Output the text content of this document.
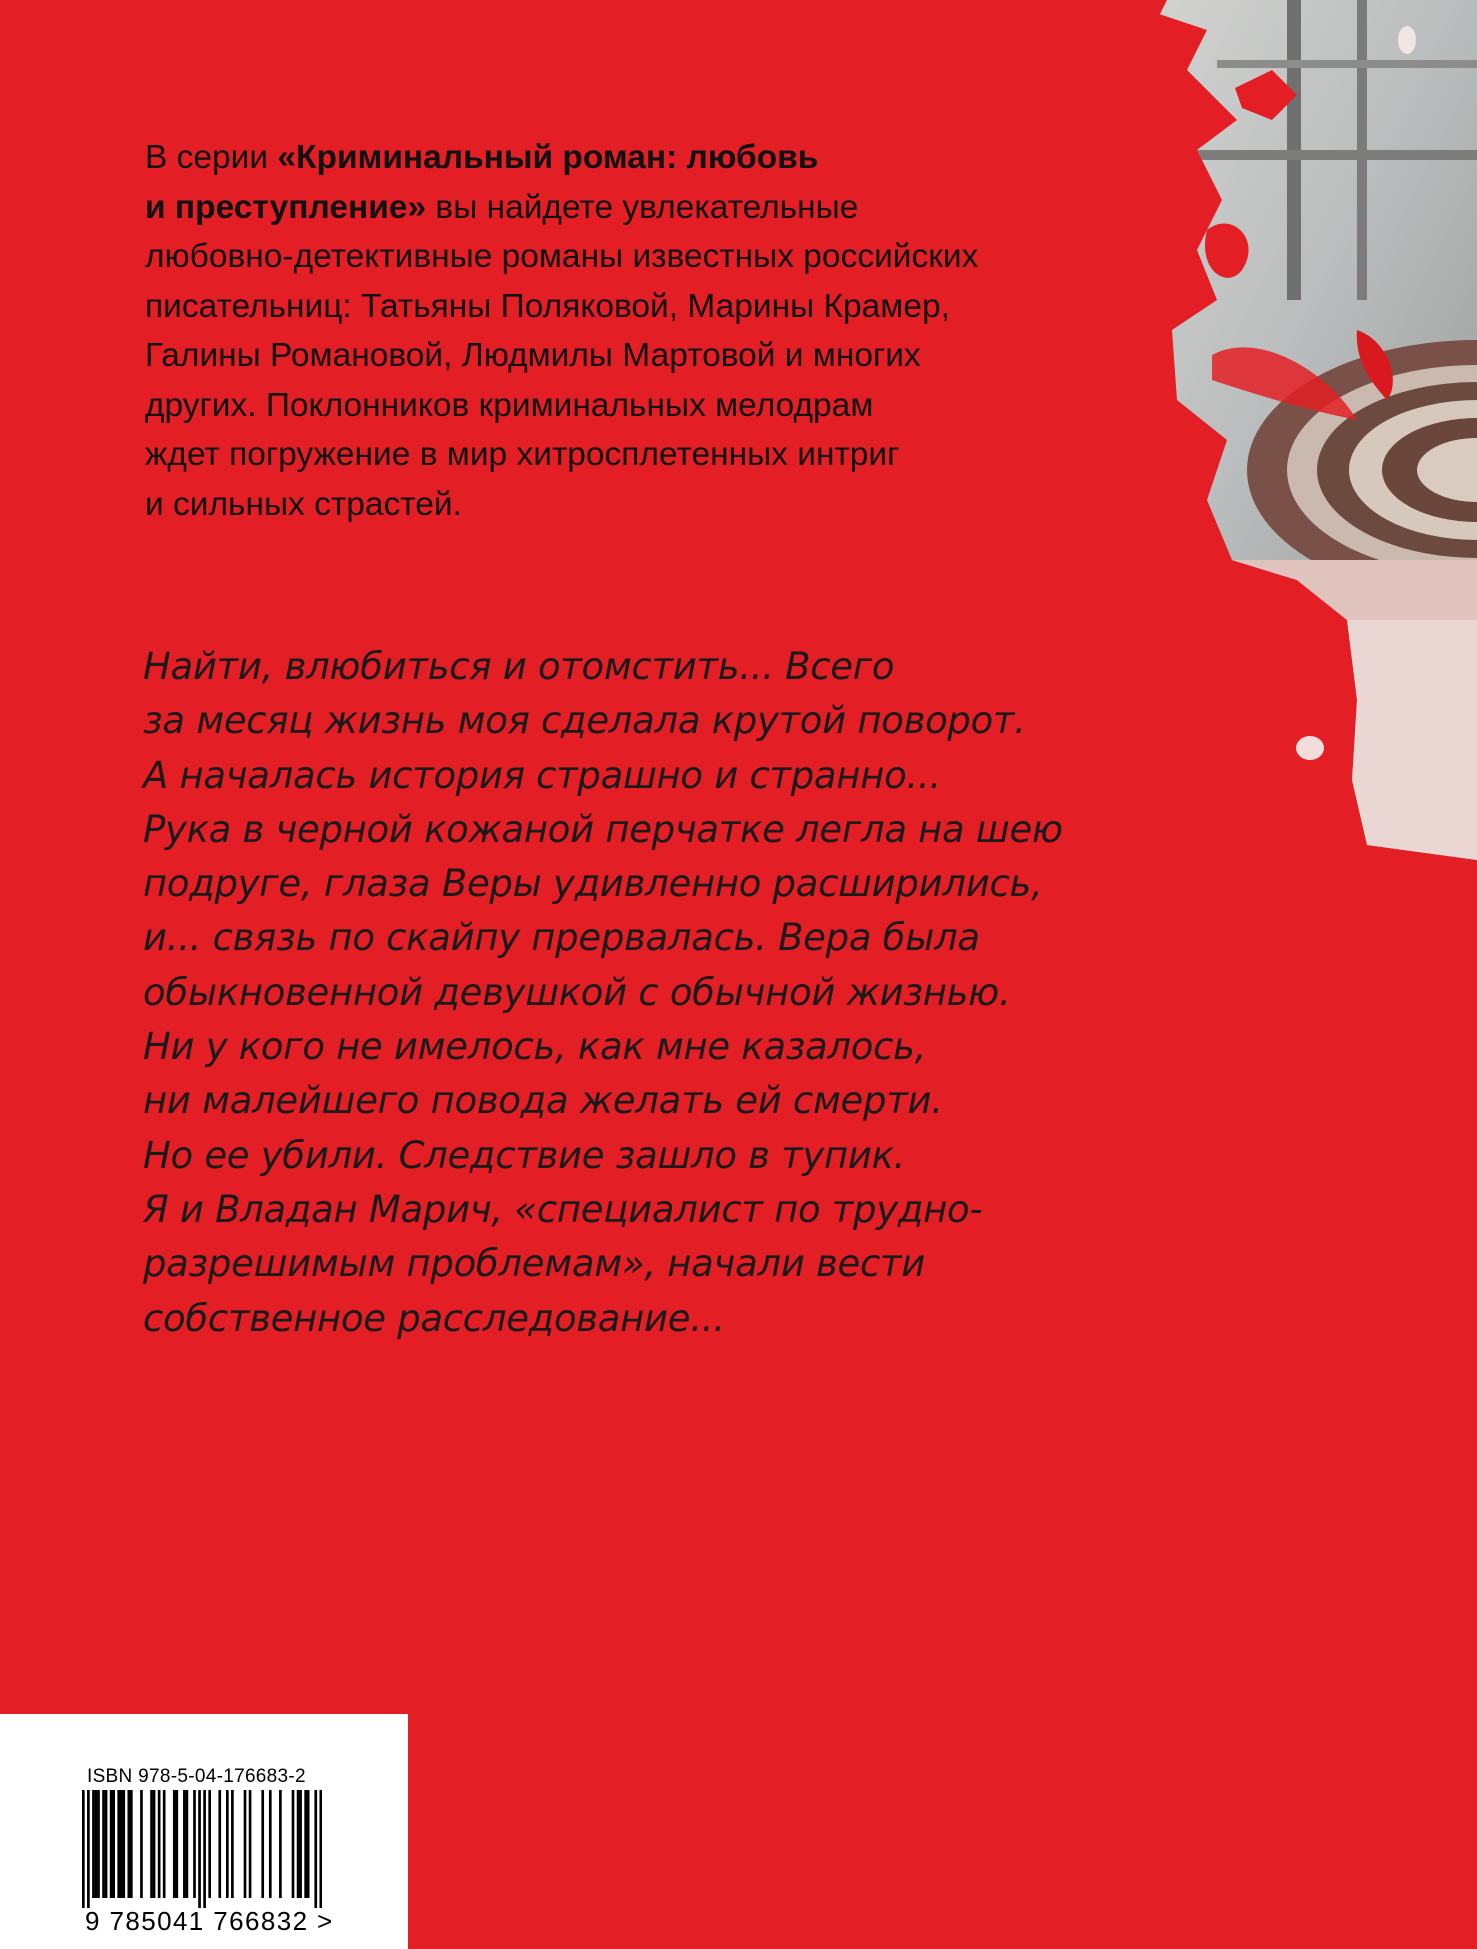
В серии «Криминальный роман: любовь
и преступление» вы найдете увлекательные
любовно-детективные романы известных российских
писательниц: Татьяны Поляковой, Марины Крамер,
Галины Романовой, Людмилы Мартовой и многих
других. Поклонников криминальных мелодрам
ждет погружение в мир хитросплетенных интриг
и сильных страстей.
Найти, влюбиться и отомстить... Всего
за месяц жизнь моя сделала крутой поворот.
А началась история страшно и странно...
Рука в черной кожаной перчатке легла на шею
подруге, глаза Веры удивленно расширились,
и... связь по скайпу прервалась. Вера была
обыкновенной девушкой с обычной жизнью.
Ни у кого не имелось, как мне казалось,
ни малейшего повода желать ей смерти.
Но ее убили. Следствие зашло в тупик.
Я и Владан Марич, «специалист по трудно-
разрешимым проблемам», начали вести
собственное расследование...
ISBN 978-5-04-176683-2
9 785041 766832 >
